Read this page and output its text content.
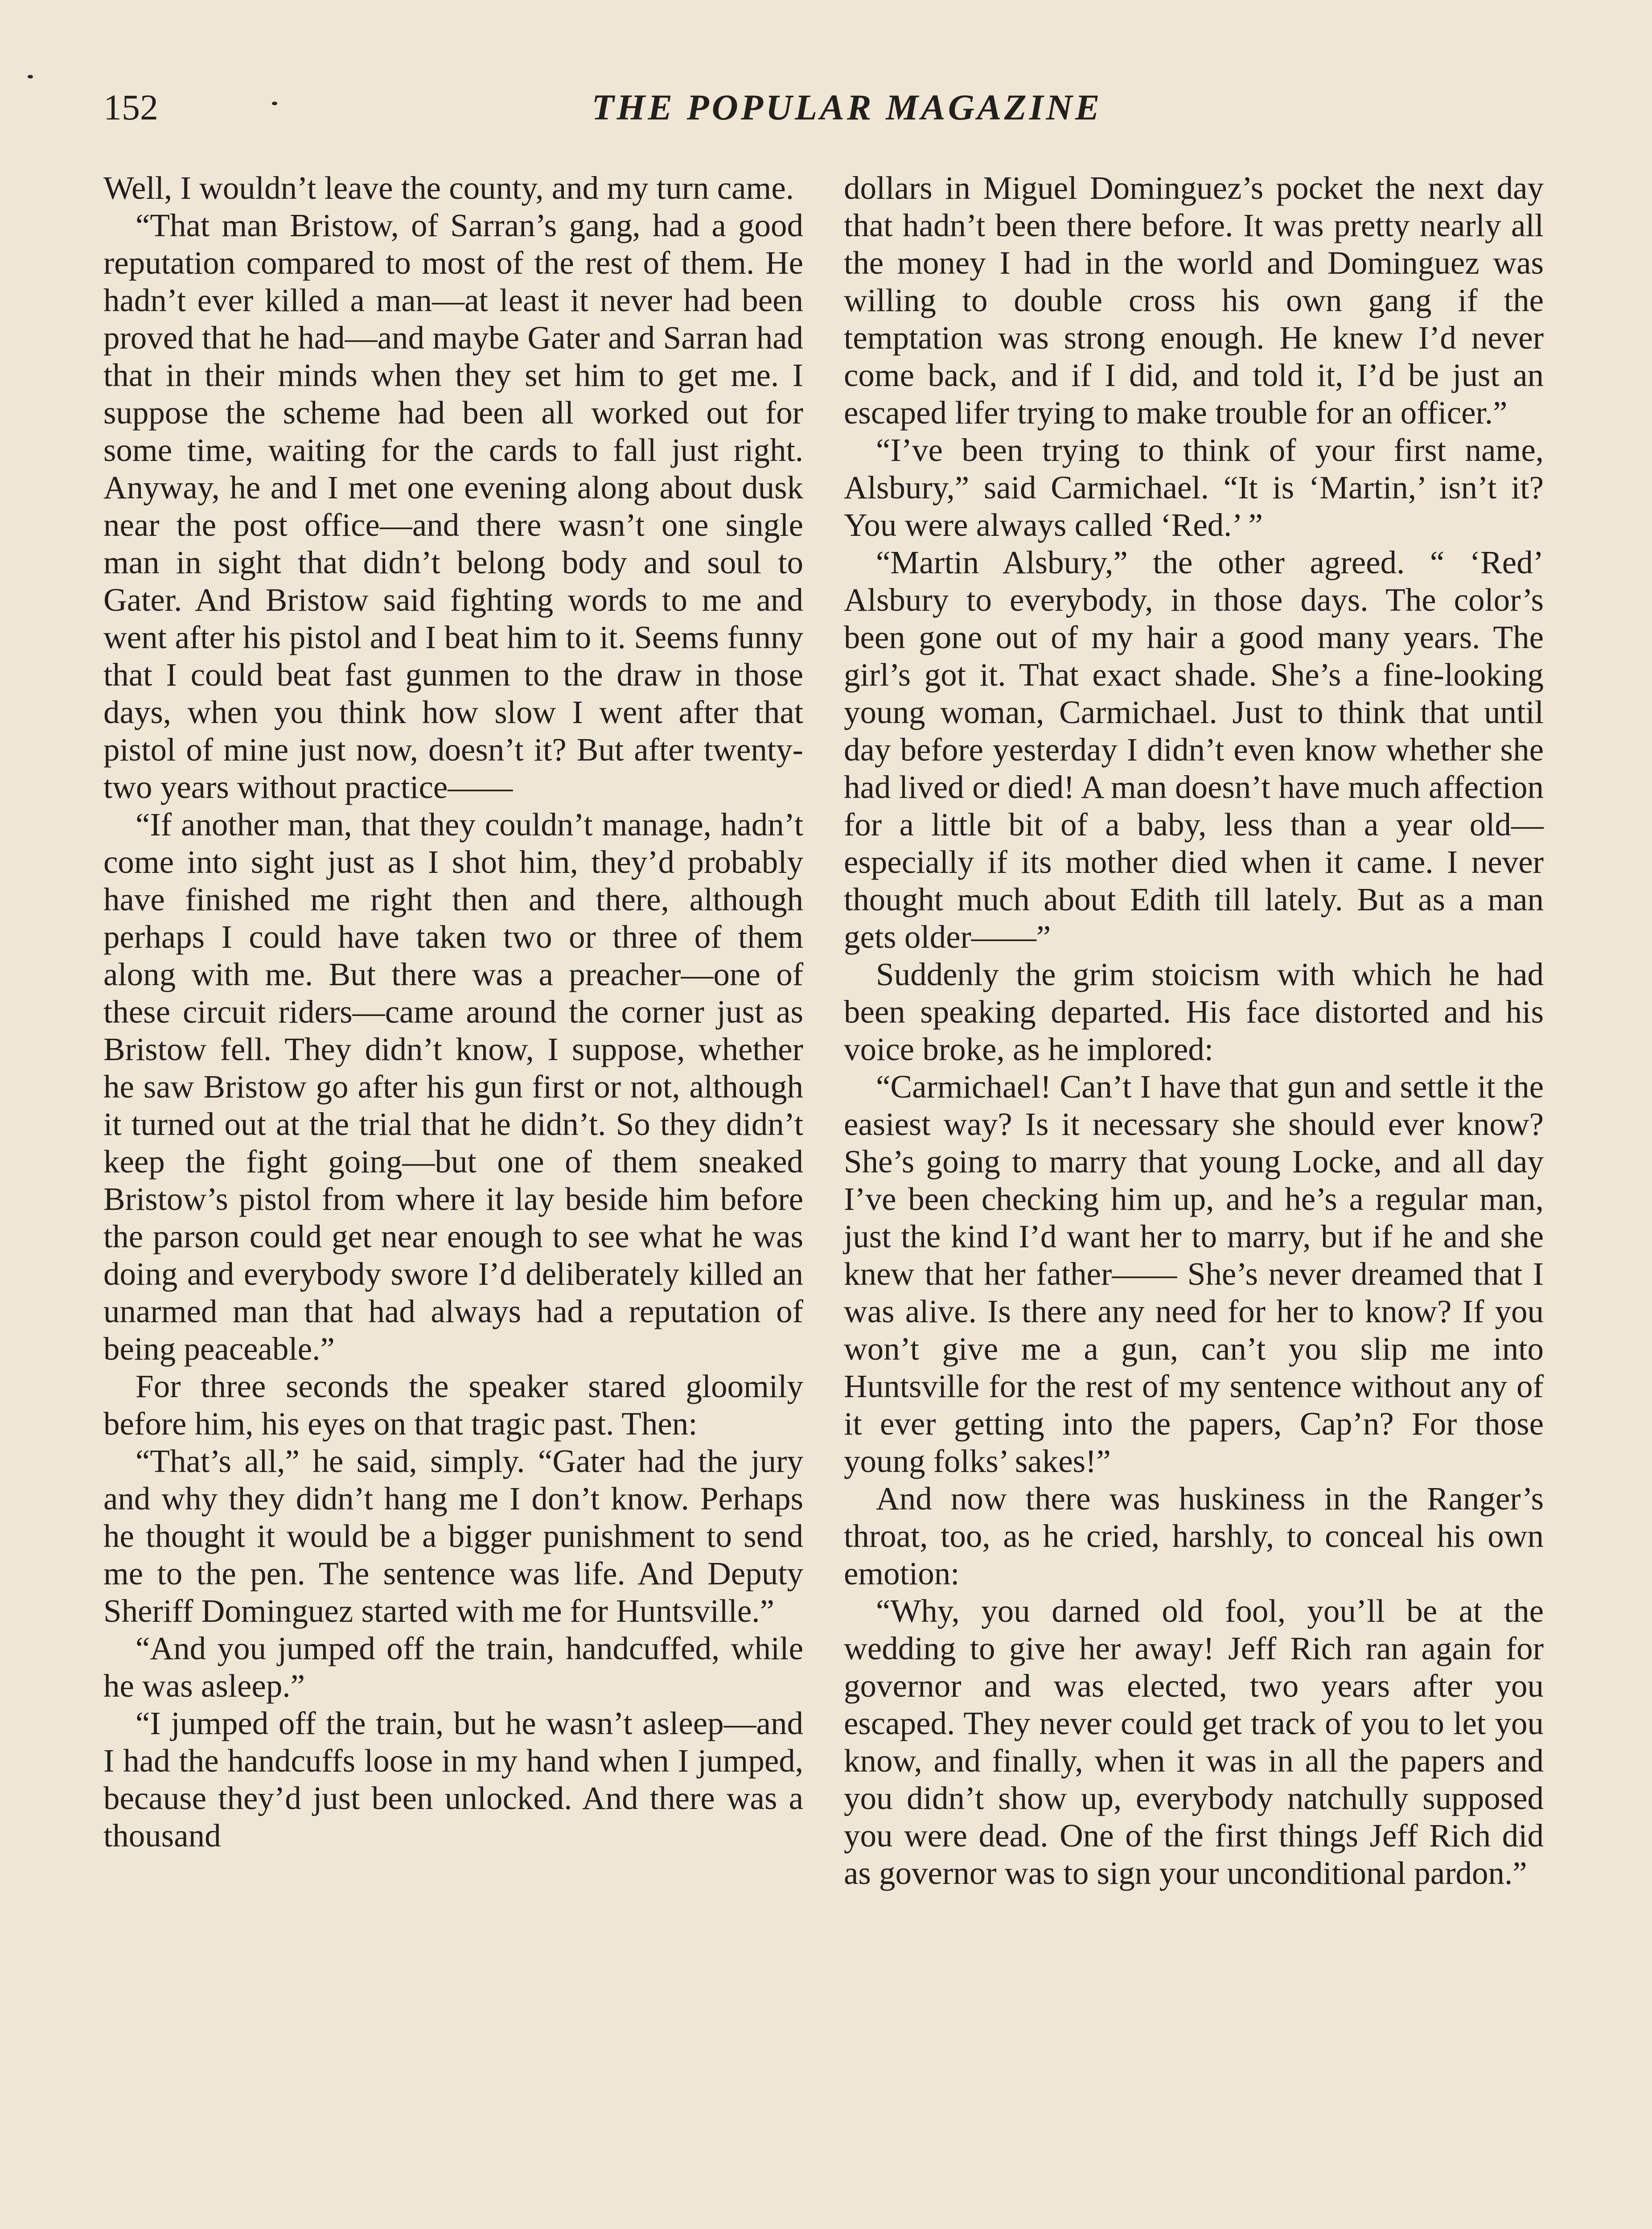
152	THE POPULAR MAGAZINE

Well, I wouldn’t leave the county, and my turn came.

“That man Bristow, of Sarran’s gang, had a good reputation compared to most of the rest of them. He hadn’t ever killed a man—at least it never had been proved that he had—and maybe Gater and Sarran had that in their minds when they set him to get me. I suppose the scheme had been all worked out for some time, waiting for the cards to fall just right. Anyway, he and I met one evening along about dusk near the post office—and there wasn’t one single man in sight that didn’t belong body and soul to Gater. And Bristow said fighting words to me and went after his pistol and I beat him to it. Seems funny that I could beat fast gunmen to the draw in those days, when you think how slow I went after that pistol of mine just now, doesn’t it? But after twenty-two years without practice——

“If another man, that they couldn’t manage, hadn’t come into sight just as I shot him, they’d probably have finished me right then and there, although perhaps I could have taken two or three of them along with me. But there was a preacher—one of these circuit riders—came around the corner just as Bristow fell. They didn’t know, I suppose, whether he saw Bristow go after his gun first or not, although it turned out at the trial that he didn’t. So they didn’t keep the fight going—but one of them sneaked Bristow’s pistol from where it lay beside him before the parson could get near enough to see what he was doing and everybody swore I’d deliberately killed an unarmed man that had always had a reputation of being peaceable.”

For three seconds the speaker stared gloomily before him, his eyes on that tragic past. Then:

“That’s all,” he said, simply. “Gater had the jury and why they didn’t hang me I don’t know. Perhaps he thought it would be a bigger punishment to send me to the pen. The sentence was life. And Deputy Sheriff Dominguez started with me for Huntsville.”

“And you jumped off the train, handcuffed, while he was asleep.”

“I jumped off the train, but he wasn’t asleep—and I had the handcuffs loose in my hand when I jumped, because they’d just been unlocked. And there was a thousand

dollars in Miguel Dominguez’s pocket the next day that hadn’t been there before. It was pretty nearly all the money I had in the world and Dominguez was willing to double cross his own gang if the temptation was strong enough. He knew I’d never come back, and if I did, and told it, I’d be just an escaped lifer trying to make trouble for an officer.”

“I’ve been trying to think of your first name, Alsbury,” said Carmichael. “It is ‘Martin,’ isn’t it? You were always called ‘Red.’ ”

“Martin Alsbury,” the other agreed. “ ‘Red’ Alsbury to everybody, in those days. The color’s been gone out of my hair a good many years. The girl’s got it. That exact shade. She’s a fine-looking young woman, Carmichael. Just to think that until day before yesterday I didn’t even know whether she had lived or died! A man doesn’t have much affection for a little bit of a baby, less than a year old—especially if its mother died when it came. I never thought much about Edith till lately. But as a man gets older——”

Suddenly the grim stoicism with which he had been speaking departed. His face distorted and his voice broke, as he implored:

“Carmichael! Can’t I have that gun and settle it the easiest way? Is it necessary she should ever know? She’s going to marry that young Locke, and all day I’ve been checking him up, and he’s a regular man, just the kind I’d want her to marry, but if he and she knew that her father—— She’s never dreamed that I was alive. Is there any need for her to know? If you won’t give me a gun, can’t you slip me into Huntsville for the rest of my sentence without any of it ever getting into the papers, Cap’n? For those young folks’ sakes!”

And now there was huskiness in the Ranger’s throat, too, as he cried, harshly, to conceal his own emotion:

“Why, you darned old fool, you’ll be at the wedding to give her away! Jeff Rich ran again for governor and was elected, two years after you escaped. They never could get track of you to let you know, and finally, when it was in all the papers and you didn’t show up, everybody natchully supposed you were dead. One of the first things Jeff Rich did as governor was to sign your unconditional pardon.”
